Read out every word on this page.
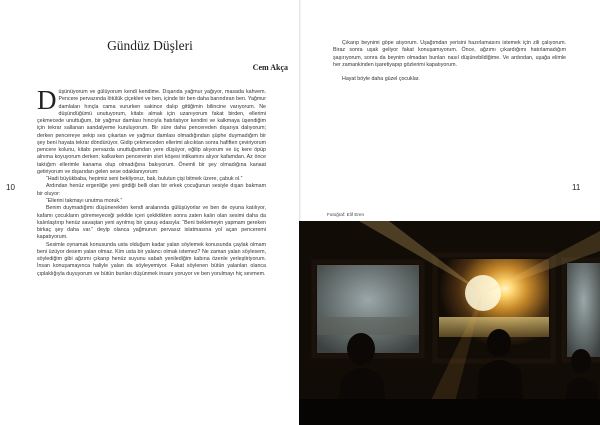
Gündüz Düşleri
Cem Akça

Düşünüyorum ve gülüyorum kendi kendime. Dışarıda yağmur yağıyor, masada kahvem. Pencere pervazında lötülük çiçekleri ve ben, içinde bir ben daha barındıran ben. Yağmur damlaları hınçla cama vururken sakince dalıp gittiğimin bilincine varıyorum. Ne düşündüğümü unutuyorum, kitabı almak için uzanıyorum fakat birden, ellerimi çekmecede unuttuğum, bir yağmur damlası hıncıyla hatırlatıyor kendini ve kalkmaya üşendiğim için tekrar sallanan sandalyeme kuruluyorum. Bir süre daha pencereden dışarıya dalıyorum; derken pencereye sekip ses çıkartan ve yağmur damlası olmadığından şüphe duymadığım bir şey beni hayata tekrar döndürüyor. Gidip çekmeceden ellerimi alıcıktan sonra hafiften çeviriyorum pencere kolunu, kitabı pervazda unuttuğumdan yere düşüyor, eğilip alıyorum ve üç kere öpüp alnıma koyuyorum derken; kalkarken pencerenin sivri köşesi intikamını alıyor kafamdan. Az önce taktığım ellerimle kanama olup olmadığına bakıyorum. Önemli bir şey olmadığına kanaat getiriyorum ve dışarıdan gelen sese odaklanıyorum:

“Hadi büyükbaba, hepimiz seni bekliyoruz, bak, bulutun çişi bitmek üzere, çabuk ol.”

Ardından henüz ergenliğe yeni girdiği belli olan bir erkek çocuğunun sesiyle dışarı bakmam bir oluyor:

“Ellerini takmayı unutma moruk.”

Benim duymadığımı düşünerekten kendi aralarında gülüşüyorlar ve ben de oyuna katılıyor, kafamı çocukların göremeyeceği şekilde içeri çekiktikten sonra zaten kalın olan sesimi daha da kalınlaştırıp henüz savaştan yeni ayrılmış bir çavuş edasıyla: “Beni beklemeyin yapmam gereken birkaç şey daha var.” deyip olanca yağmurun pervasız islatmasına yol açan penceremi kapatıyorum.

Sesimle oynamak konusunda usta olduğum kadar yalan söylemek konusunda çaylak olmam beni üzüyor desem yalan olmaz. Kim usta bir yalancı olmak istemez? Ne zaman yalan söylesem, söylediğim gibi ağzımı çıkarıp henüz suyunu sabah yenilediğim kabına özenle yerleştiriyorum. İnsan konuşamayınca haliyle yalan da söyleyemiyor. Fakat söylenen bütün yalanları olanca çıplaklığıyla duyuyorum ve bütün bunları düşünmek insanı yoruyor ve ben yorulmayı hiç sevmem.

10

Çıkarıp beynimi göpe atıyorum. Uşağımdan yerisini hazırlamasını istemek için zili çalıyorum. Biraz sonra uşak geliyor fakat konuşamıyorum. Önce, ağzımı çıkardığımı hatırlamadığım şaşırıyorum, sonra da beynim olmadan bunları nasıl düşünebildiğime. Ve ardından, uşağa elimle her zamankinden işaretiyapıp gözlerimi kapatıyorum.

Hayat böyle daha güzel çocuklar.

11
Fotoğraf: Elif Eren
